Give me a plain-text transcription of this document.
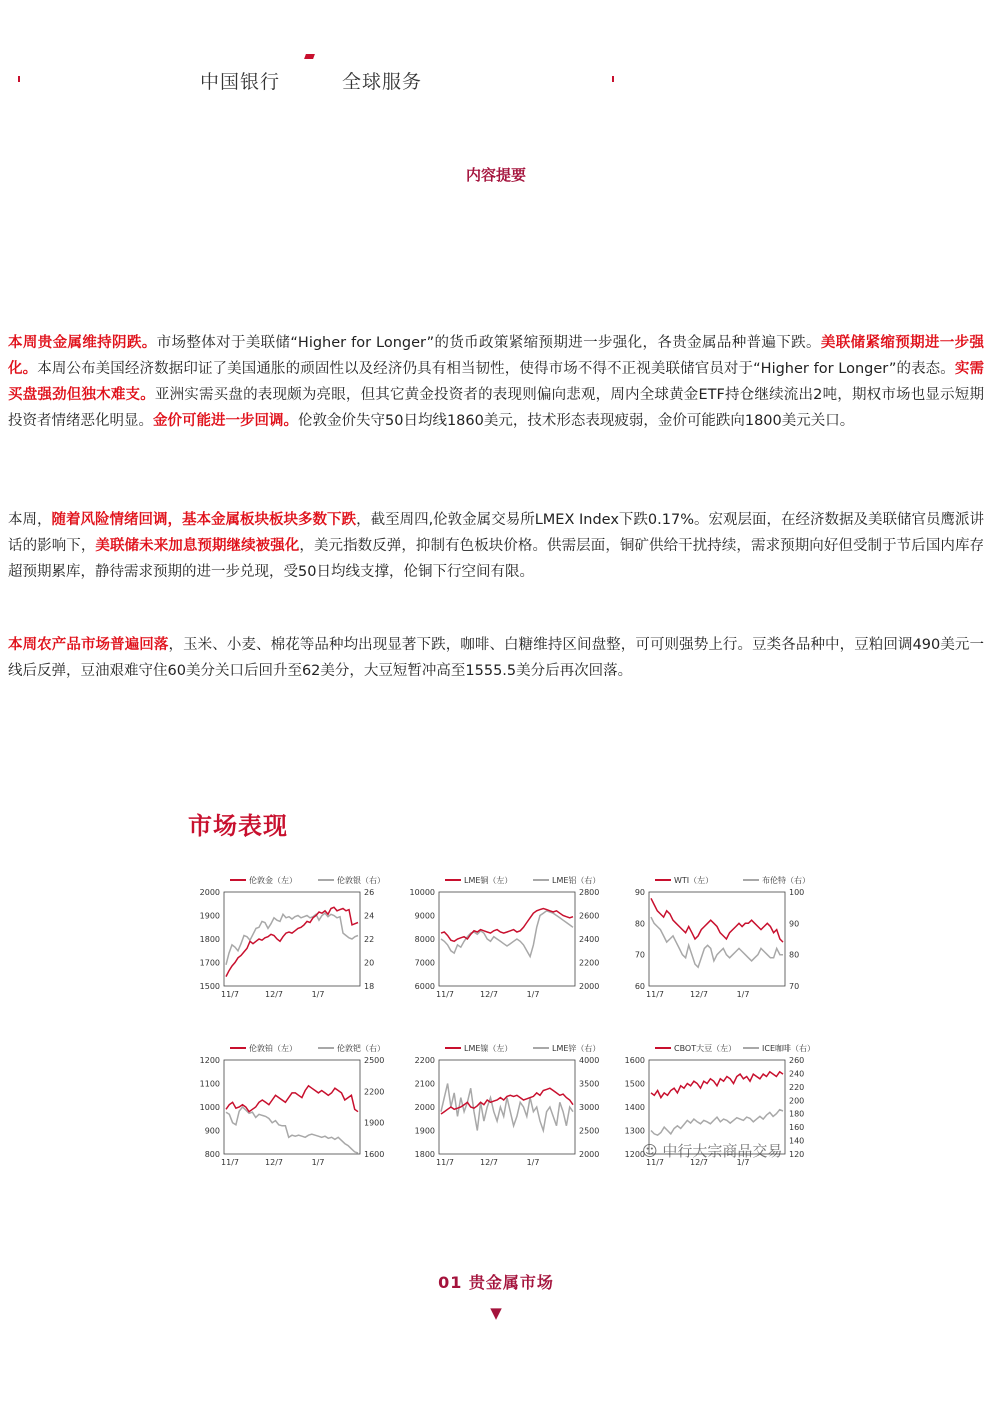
中国银行	全球服务
内容提要
本周贵金属维持阴跌。市场整体对于美联储“Higher for Longer”的货币政策紧缩预期进一步强化，各贵金属品种普遍下跌。美联储紧缩预期进一步强化。本周公布美国经济数据印证了美国通胀的顽固性以及经济仍具有相当韧性，使得市场不得不正视美联储官员对于“Higher for Longer”的表态。实需买盘强劲但独木难支。亚洲实需买盘的表现颇为亮眼，但其它黄金投资者的表现则偏向悲观，周内全球黄金ETF持仓继续流出2吨，期权市场也显示短期投资者情绪恶化明显。金价可能进一步回调。伦敦金价失守50日均线1860美元，技术形态表现疲弱，金价可能跌向1800美元关口。
本周，随着风险情绪回调，基本金属板块板块多数下跌，截至周四,伦敦金属交易所LMEX Index下跌0.17%。宏观层面，在经济数据及美联储官员鹰派讲话的影响下，美联储未来加息预期继续被强化，美元指数反弹，抑制有色板块价格。供需层面，铜矿供给干扰持续，需求预期向好但受制于节后国内库存超预期累库，静待需求预期的进一步兑现，受50日均线支撑，伦铜下行空间有限。
本周农产品市场普遍回落，玉米、小麦、棉花等品种均出现显著下跌，咖啡、白糖维持区间盘整，可可则强势上行。豆类各品种中，豆粕回调490美元一线后反弹，豆油艰难守住60美分关口后回升至62美分，大豆短暂冲高至1555.5美分后再次回落。
市场表现
伦敦金（左）	伦敦银（右）
2000
1900
1800
1700
1500
26
24
22
20
18
11/7	12/7	1/7
LME铜（左）	LME铝（右）
10000
9000
8000
7000
6000
2800
2600
2400
2200
2000
11/7	12/7	1/7
WTI（左）	布伦特（右）
90
80
70
60
100
90
80
70
11/7	12/7	1/7
伦敦铂（左）	伦敦钯（右）
1200
1100
1000
900
800
2500
2200
1900
1600
11/7	12/7	1/7
LME镍（左）	LME锌（右）
2200
2100
2000
1900
1800
4000
3500
3000
2500
2000
11/7	12/7	1/7
CBOT大豆（左）	ICE咖啡（右）
1600
1500
1400
1300
1200
260
240
220
200
180
160
140
120
11/7	12/7	1/7
☺ 中行大宗商品交易
01 贵金属市场
▼
